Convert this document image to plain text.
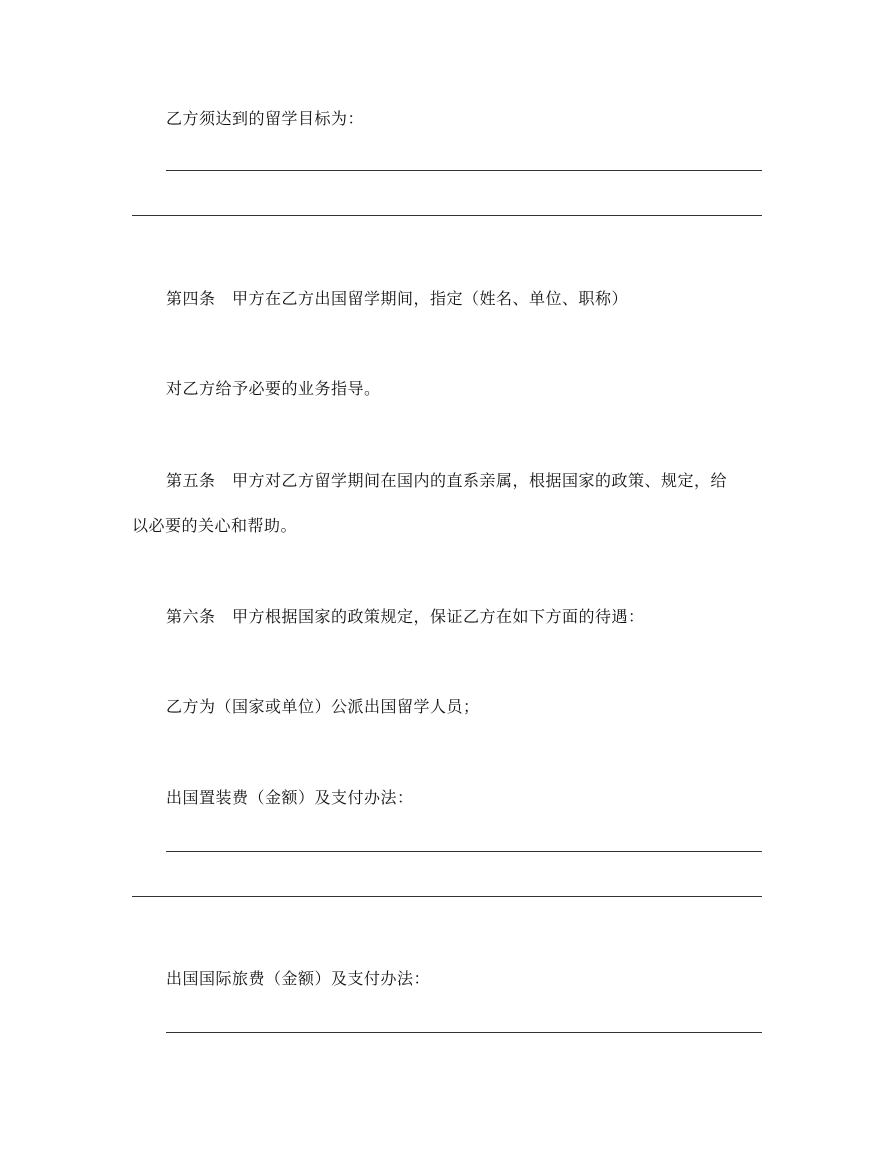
乙方须达到的留学目标为：
第四条　甲方在乙方出国留学期间，指定（姓名、单位、职称）
对乙方给予必要的业务指导。
第五条　甲方对乙方留学期间在国内的直系亲属，根据国家的政策、规定，给
以必要的关心和帮助。
第六条　甲方根据国家的政策规定，保证乙方在如下方面的待遇：
乙方为（国家或单位）公派出国留学人员；
出国置装费（金额）及支付办法：
出国国际旅费（金额）及支付办法：
